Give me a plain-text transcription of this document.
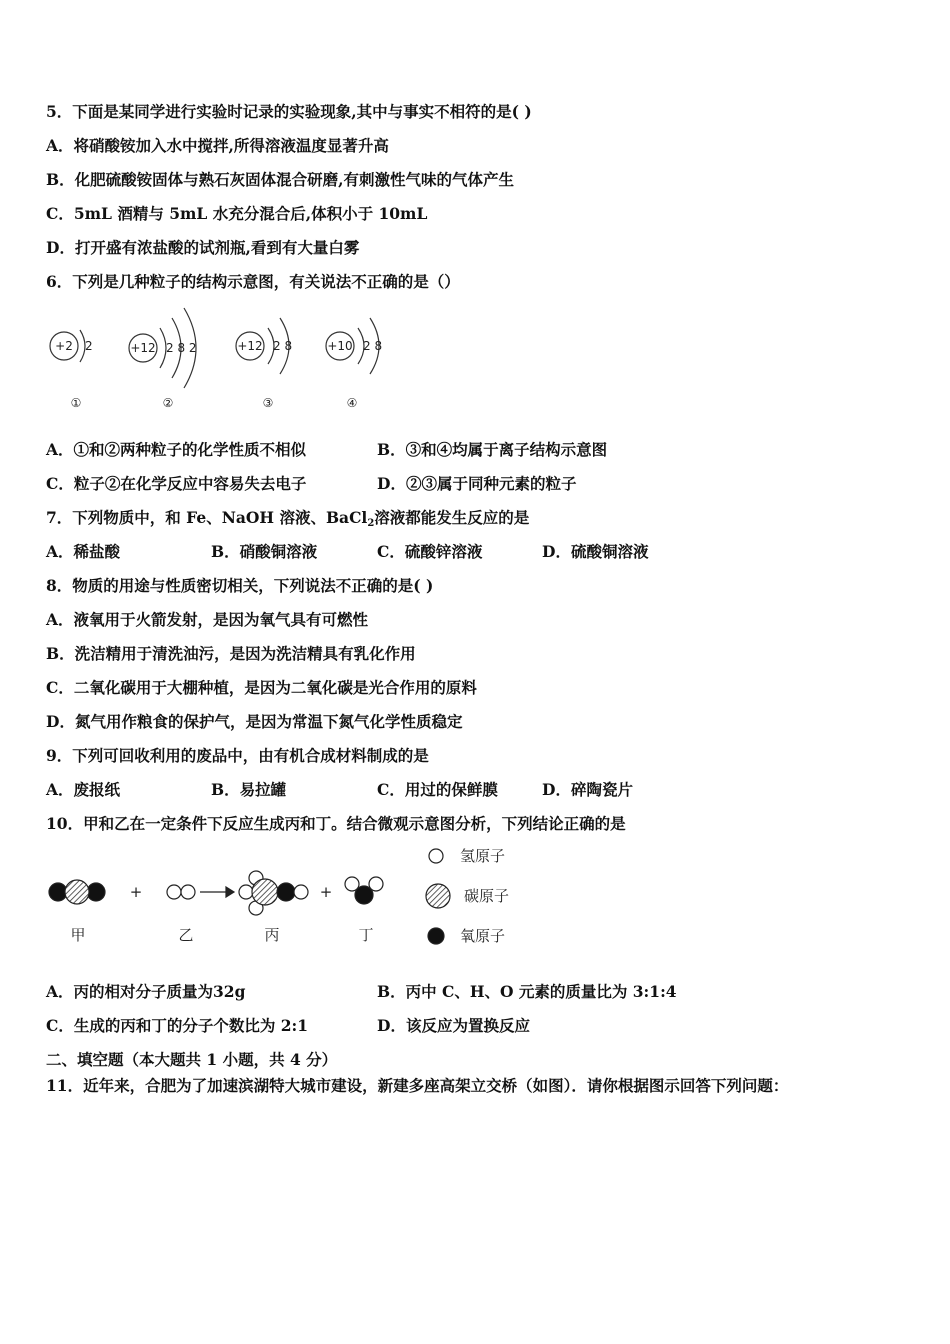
5．下面是某同学进行实验时记录的实验现象,其中与事实不相符的是( )
A．将硝酸铵加入水中搅拌,所得溶液温度显著升高
B．化肥硫酸铵固体与熟石灰固体混合研磨,有刺激性气味的气体产生
C．5mL 酒精与 5mL 水充分混合后,体积小于 10mL
D．打开盛有浓盐酸的试剂瓶,看到有大量白雾
6．下列是几种粒子的结构示意图，有关说法不正确的是（）
+2 2
①
+12 2 8 2
②
+12 2 8
③
+10 2 8
④
A．①和②两种粒子的化学性质不相似	B．③和④均属于离子结构示意图
C．粒子②在化学反应中容易失去电子	D．②③属于同种元素的粒子
7．下列物质中，和 Fe、NaOH 溶液、BaCl$_2$溶液都能发生反应的是
A．稀盐酸	B．硝酸铜溶液	C．硫酸锌溶液	D．硫酸铜溶液
8．物质的用途与性质密切相关，下列说法不正确的是( )
A．液氧用于火箭发射，是因为氧气具有可燃性
B．洗洁精用于清洗油污，是因为洗洁精具有乳化作用
C．二氧化碳用于大棚种植，是因为二氧化碳是光合作用的原料
D．氮气用作粮食的保护气，是因为常温下氮气化学性质稳定
9．下列可回收利用的废品中，由有机合成材料制成的是
A．废报纸	B．易拉罐	C．用过的保鲜膜	D．碎陶瓷片
10．甲和乙在一定条件下反应生成丙和丁。结合微观示意图分析，下列结论正确的是
+	+
甲	乙	丙	丁
氢原子
碳原子
氧原子
A．丙的相对分子质量为32g	B．丙中 C、H、O 元素的质量比为 3:1:4
C．生成的丙和丁的分子个数比为 2:1	D．该反应为置换反应
二、填空题（本大题共 1 小题，共 4 分）
11．近年来，合肥为了加速滨湖特大城市建设，新建多座高架立交桥（如图）．请你根据图示回答下列问题：
